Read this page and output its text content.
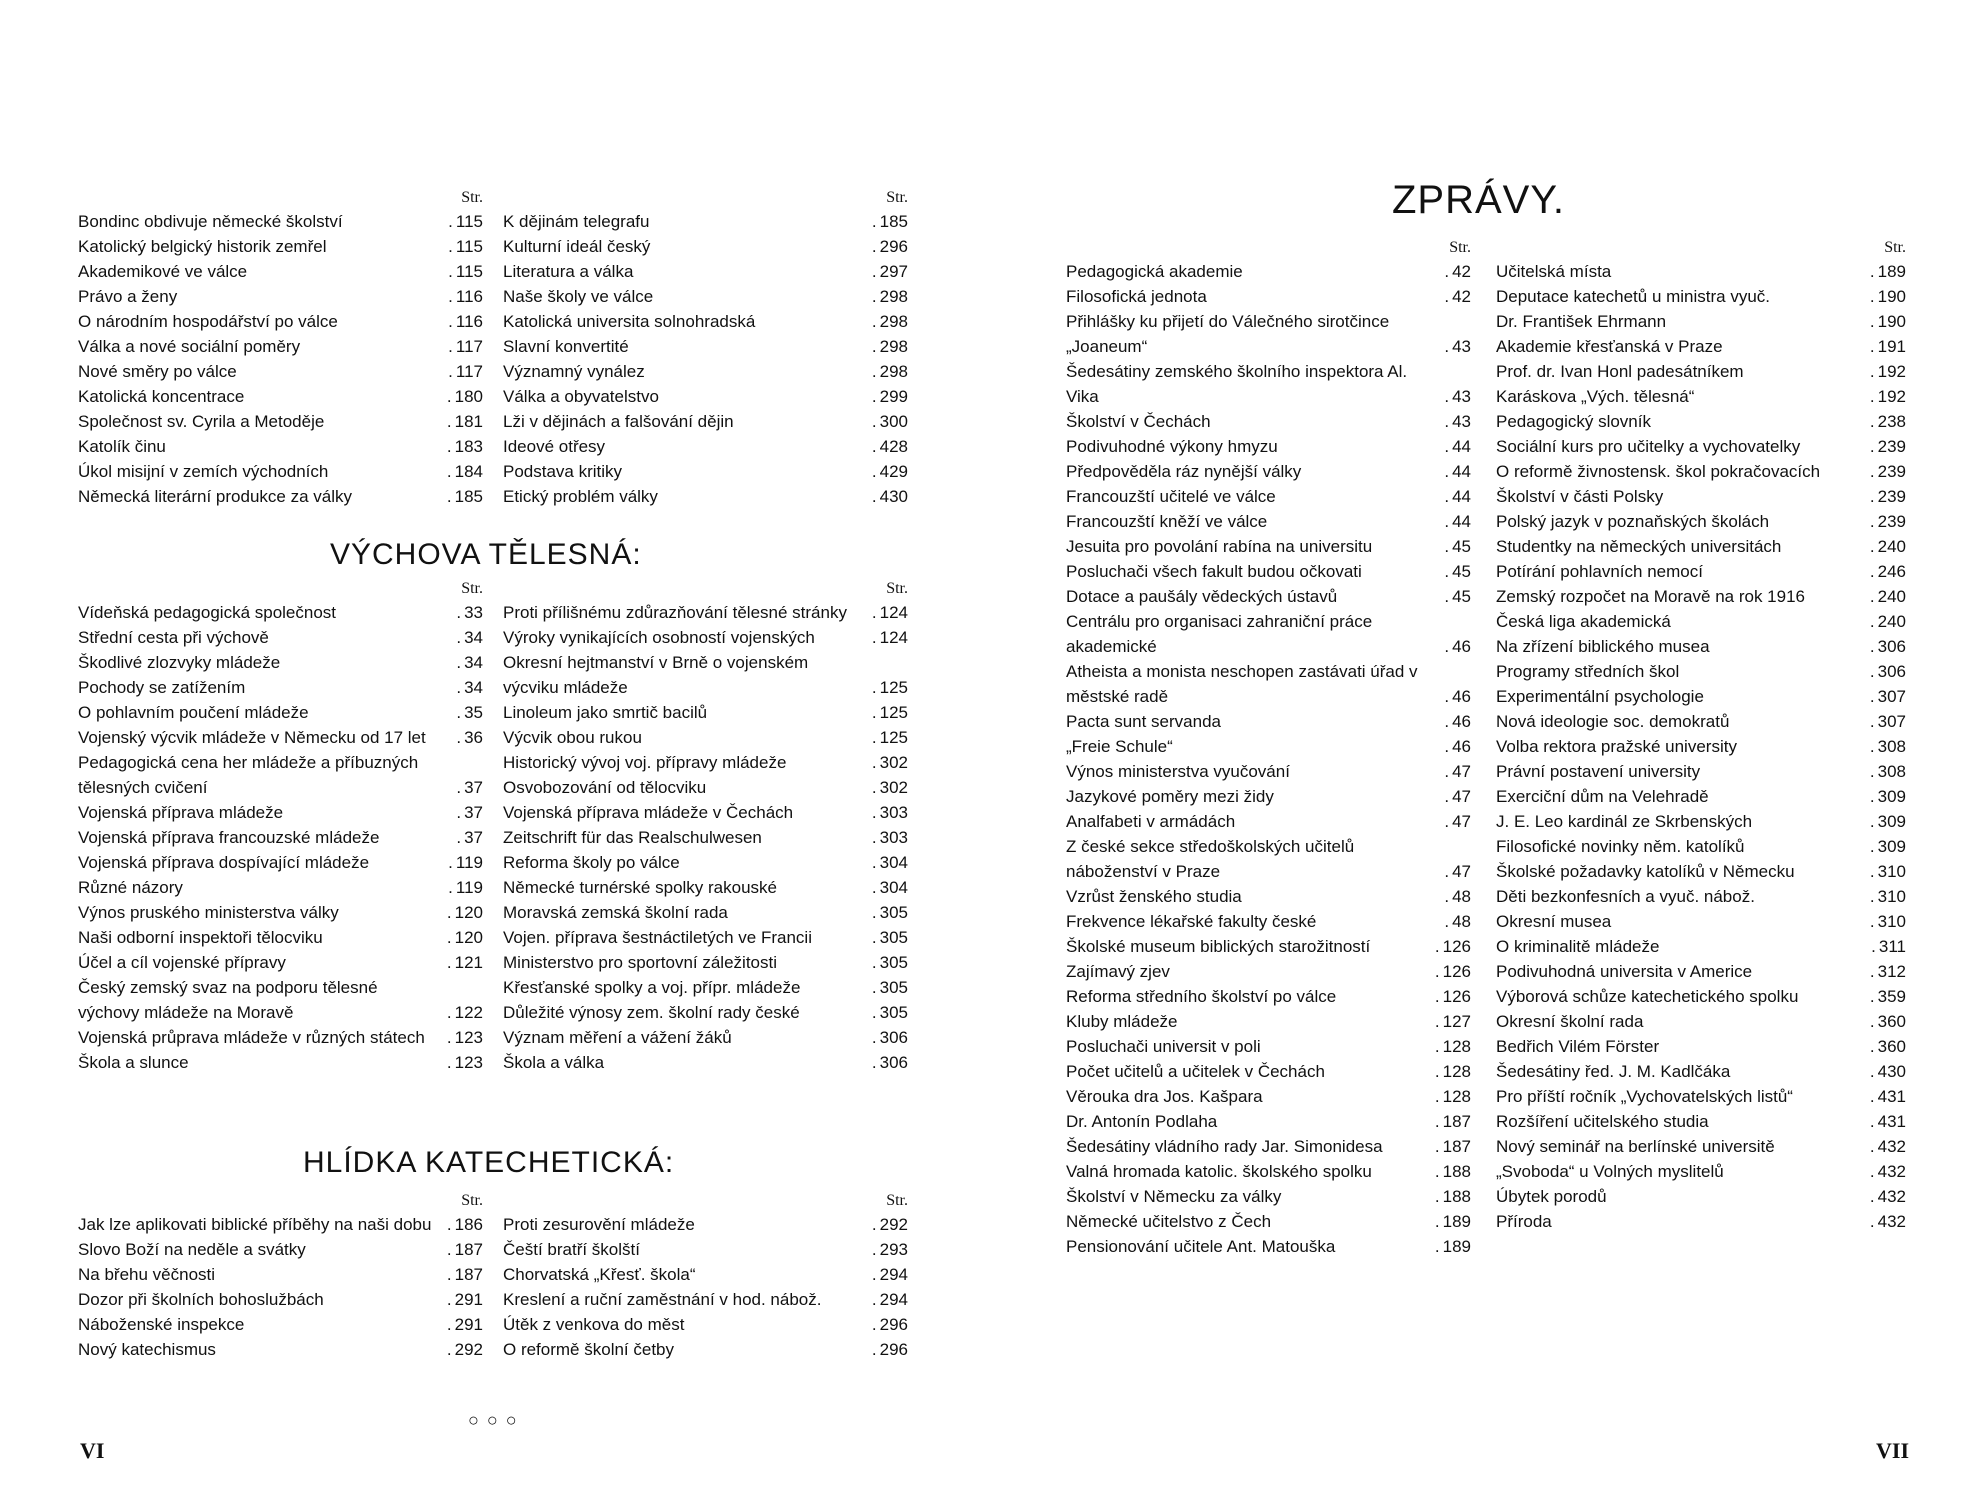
Str.
Bondinc obdivuje německé školství	. 115
Katolický belgický historik zemřel	. 115
Akademikové ve válce	. 115
Právo a ženy	. 116
O národním hospodářství po válce	. 116
Válka a nové sociální poměry	. 117
Nové směry po válce	. 117
Katolická koncentrace	. 180
Společnost sv. Cyrila a Metoděje	. 181
Katolík činu	. 183
Úkol misijní v zemích východních	. 184
Německá literární produkce za války	. 185
Str.
K dějinám telegrafu	. 185
Kulturní ideál český	. 296
Literatura a válka	. 297
Naše školy ve válce	. 298
Katolická universita solnohradská	. 298
Slavní konvertité	. 298
Významný vynález	. 298
Válka a obyvatelstvo	. 299
Lži v dějinách a falšování dějin	. 300
Ideové otřesy	. 428
Podstava kritiky	. 429
Etický problém války	. 430
VÝCHOVA TĚLESNÁ:
Str.
Vídeňská pedagogická společnost	. 33
Střední cesta při výchově	. 34
Škodlivé zlozvyky mládeže	. 34
Pochody se zatížením	. 34
O pohlavním poučení mládeže	. 35
Vojenský výcvik mládeže v Německu od 17 let	. 36
Pedagogická cena her mládeže a příbuzných tělesných cvičení	. 37
Vojenská příprava mládeže	. 37
Vojenská příprava francouzské mládeže	. 37
Vojenská příprava dospívající mládeže	. 119
Různé názory	. 119
Výnos pruského ministerstva války	. 120
Naši odborní inspektoři tělocviku	. 120
Účel a cíl vojenské přípravy	. 121
Český zemský svaz na podporu tělesné výchovy mládeže na Moravě	. 122
Vojenská průprava mládeže v různých státech	. 123
Škola a slunce	. 123
Str.
Proti přílišnému zdůrazňování tělesné stránky	. 124
Výroky vynikajících osobností vojenských	. 124
Okresní hejtmanství v Brně o vojenském výcviku mládeže	. 125
Linoleum jako smrtič bacilů	. 125
Výcvik obou rukou	. 125
Historický vývoj voj. přípravy mládeže	. 302
Osvobozování od tělocviku	. 302
Vojenská příprava mládeže v Čechách	. 303
Zeitschrift für das Realschulwesen	. 303
Reforma školy po válce	. 304
Německé turnérské spolky rakouské	. 304
Moravská zemská školní rada	. 305
Vojen. příprava šestnáctiletých ve Francii	. 305
Ministerstvo pro sportovní záležitosti	. 305
Křesťanské spolky a voj. přípr. mládeže	. 305
Důležité výnosy zem. školní rady české	. 305
Význam měření a vážení žáků	. 306
Škola a válka	. 306
HLÍDKA KATECHETICKÁ:
Str.
Jak lze aplikovati biblické příběhy na naši dobu	. 186
Slovo Boží na neděle a svátky	. 187
Na břehu věčnosti	. 187
Dozor při školních bohoslužbách	. 291
Náboženské inspekce	. 291
Nový katechismus	. 292
Str.
Proti zesurovění mládeže	. 292
Čeští bratří školští	. 293
Chorvatská „Křesť. škola“	. 294
Kreslení a ruční zaměstnání v hod. nábož.	. 294
Útěk z venkova do měst	. 296
O reformě školní četby	. 296
○○○
VI
ZPRÁVY.
Str.
Pedagogická akademie	. 42
Filosofická jednota	. 42
Přihlášky ku přijetí do Válečného sirotčince „Joaneum“	. 43
Šedesátiny zemského školního inspektora Al. Vika	. 43
Školství v Čechách	. 43
Podivuhodné výkony hmyzu	. 44
Předpověděla ráz nynější války	. 44
Francouzští učitelé ve válce	. 44
Francouzští kněží ve válce	. 44
Jesuita pro povolání rabína na universitu	. 45
Posluchači všech fakult budou očkovati	. 45
Dotace a paušály vědeckých ústavů	. 45
Centrálu pro organisaci zahraniční práce akademické	. 46
Atheista a monista neschopen zastávati úřad v městské radě	. 46
Pacta sunt servanda	. 46
„Freie Schule“	. 46
Výnos ministerstva vyučování	. 47
Jazykové poměry mezi židy	. 47
Analfabeti v armádách	. 47
Z české sekce středoškolských učitelů náboženství v Praze	. 47
Vzrůst ženského studia	. 48
Frekvence lékařské fakulty české	. 48
Školské museum biblických starožitností	. 126
Zajímavý zjev	. 126
Reforma středního školství po válce	. 126
Kluby mládeže	. 127
Posluchači universit v poli	. 128
Počet učitelů a učitelek v Čechách	. 128
Věrouka dra Jos. Kašpara	. 128
Dr. Antonín Podlaha	. 187
Šedesátiny vládního rady Jar. Simonidesa	. 187
Valná hromada katolic. školského spolku	. 188
Školství v Německu za války	. 188
Německé učitelstvo z Čech	. 189
Pensionování učitele Ant. Matouška	. 189
Str.
Učitelská místa	. 189
Deputace katechetů u ministra vyuč.	. 190
Dr. František Ehrmann	. 190
Akademie křesťanská v Praze	. 191
Prof. dr. Ivan Honl padesátníkem	. 192
Karáskova „Vých. tělesná“	. 192
Pedagogický slovník	. 238
Sociální kurs pro učitelky a vychovatelky	. 239
O reformě živnostensk. škol pokračovacích	. 239
Školství v části Polsky	. 239
Polský jazyk v poznaňských školách	. 239
Studentky na německých universitách	. 240
Potírání pohlavních nemocí	. 246
Zemský rozpočet na Moravě na rok 1916	. 240
Česká liga akademická	. 240
Na zřízení biblického musea	. 306
Programy středních škol	. 306
Experimentální psychologie	. 307
Nová ideologie soc. demokratů	. 307
Volba rektora pražské university	. 308
Právní postavení university	. 308
Exerciční dům na Velehradě	. 309
J. E. Leo kardinál ze Skrbenských	. 309
Filosofické novinky něm. katolíků	. 309
Školské požadavky katolíků v Německu	. 310
Děti bezkonfesních a vyuč. nábož.	. 310
Okresní musea	. 310
O kriminalitě mládeže	. 311
Podivuhodná universita v Americe	. 312
Výborová schůze katechetického spolku	. 359
Okresní školní rada	. 360
Bedřich Vilém Förster	. 360
Šedesátiny řed. J. M. Kadlčáka	. 430
Pro příští ročník „Vychovatelských listů“	. 431
Rozšíření učitelského studia	. 431
Nový seminář na berlínské universitě	. 432
„Svoboda“ u Volných myslitelů	. 432
Úbytek porodů	. 432
Příroda	. 432
VII
